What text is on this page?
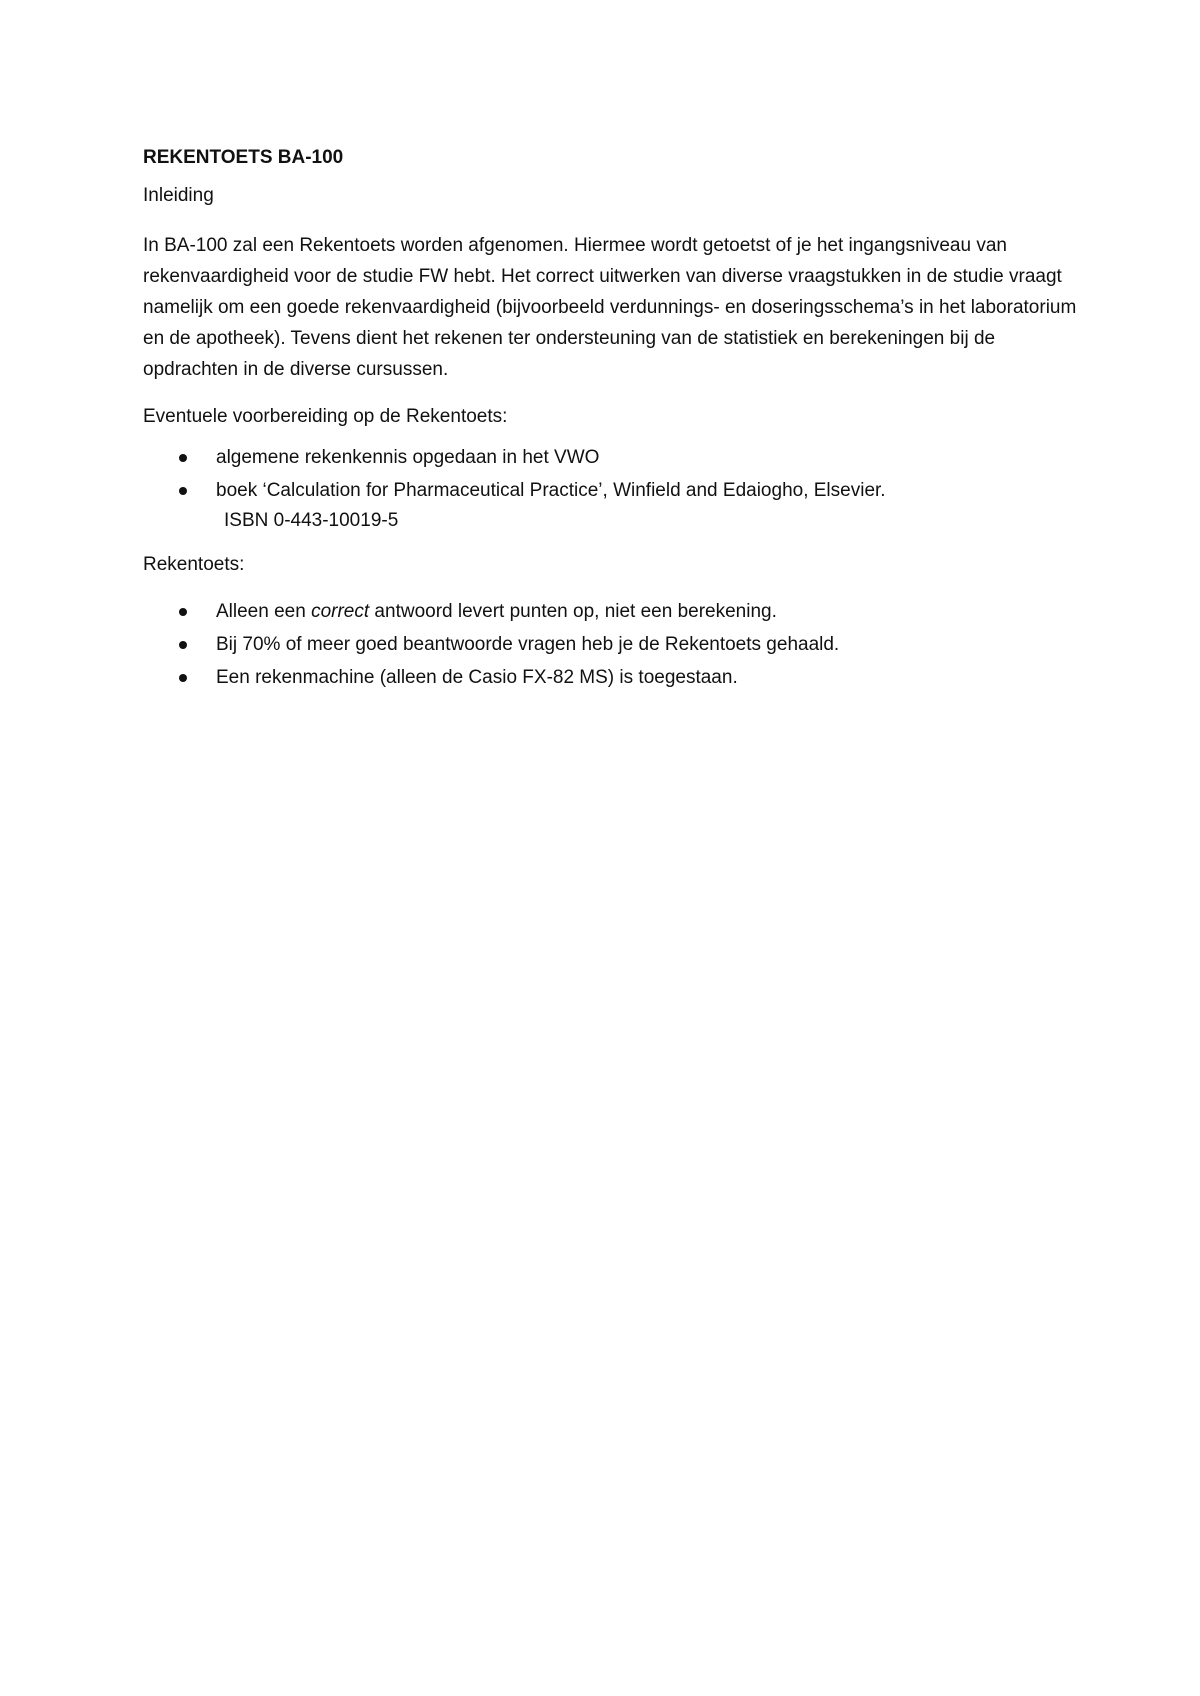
REKENTOETS BA-100

Inleiding

In BA-100 zal een Rekentoets worden afgenomen. Hiermee wordt getoetst of je het ingangsniveau van rekenvaardigheid voor de studie FW hebt. Het correct uitwerken van diverse vraagstukken in de studie vraagt namelijk om een goede rekenvaardigheid (bijvoorbeeld verdunnings- en doseringsschema’s in het laboratorium en de apotheek). Tevens dient het rekenen ter ondersteuning van de statistiek en berekeningen bij de opdrachten in de diverse cursussen.

Eventuele voorbereiding op de Rekentoets:

algemene rekenkennis opgedaan in het VWO
boek ‘Calculation for Pharmaceutical Practice’, Winfield and Edaiogho, Elsevier.
ISBN 0-443-10019-5

Rekentoets:

Alleen een correct antwoord levert punten op, niet een berekening.
Bij 70% of meer goed beantwoorde vragen heb je de Rekentoets gehaald.
Een rekenmachine (alleen de Casio FX-82 MS) is toegestaan.
